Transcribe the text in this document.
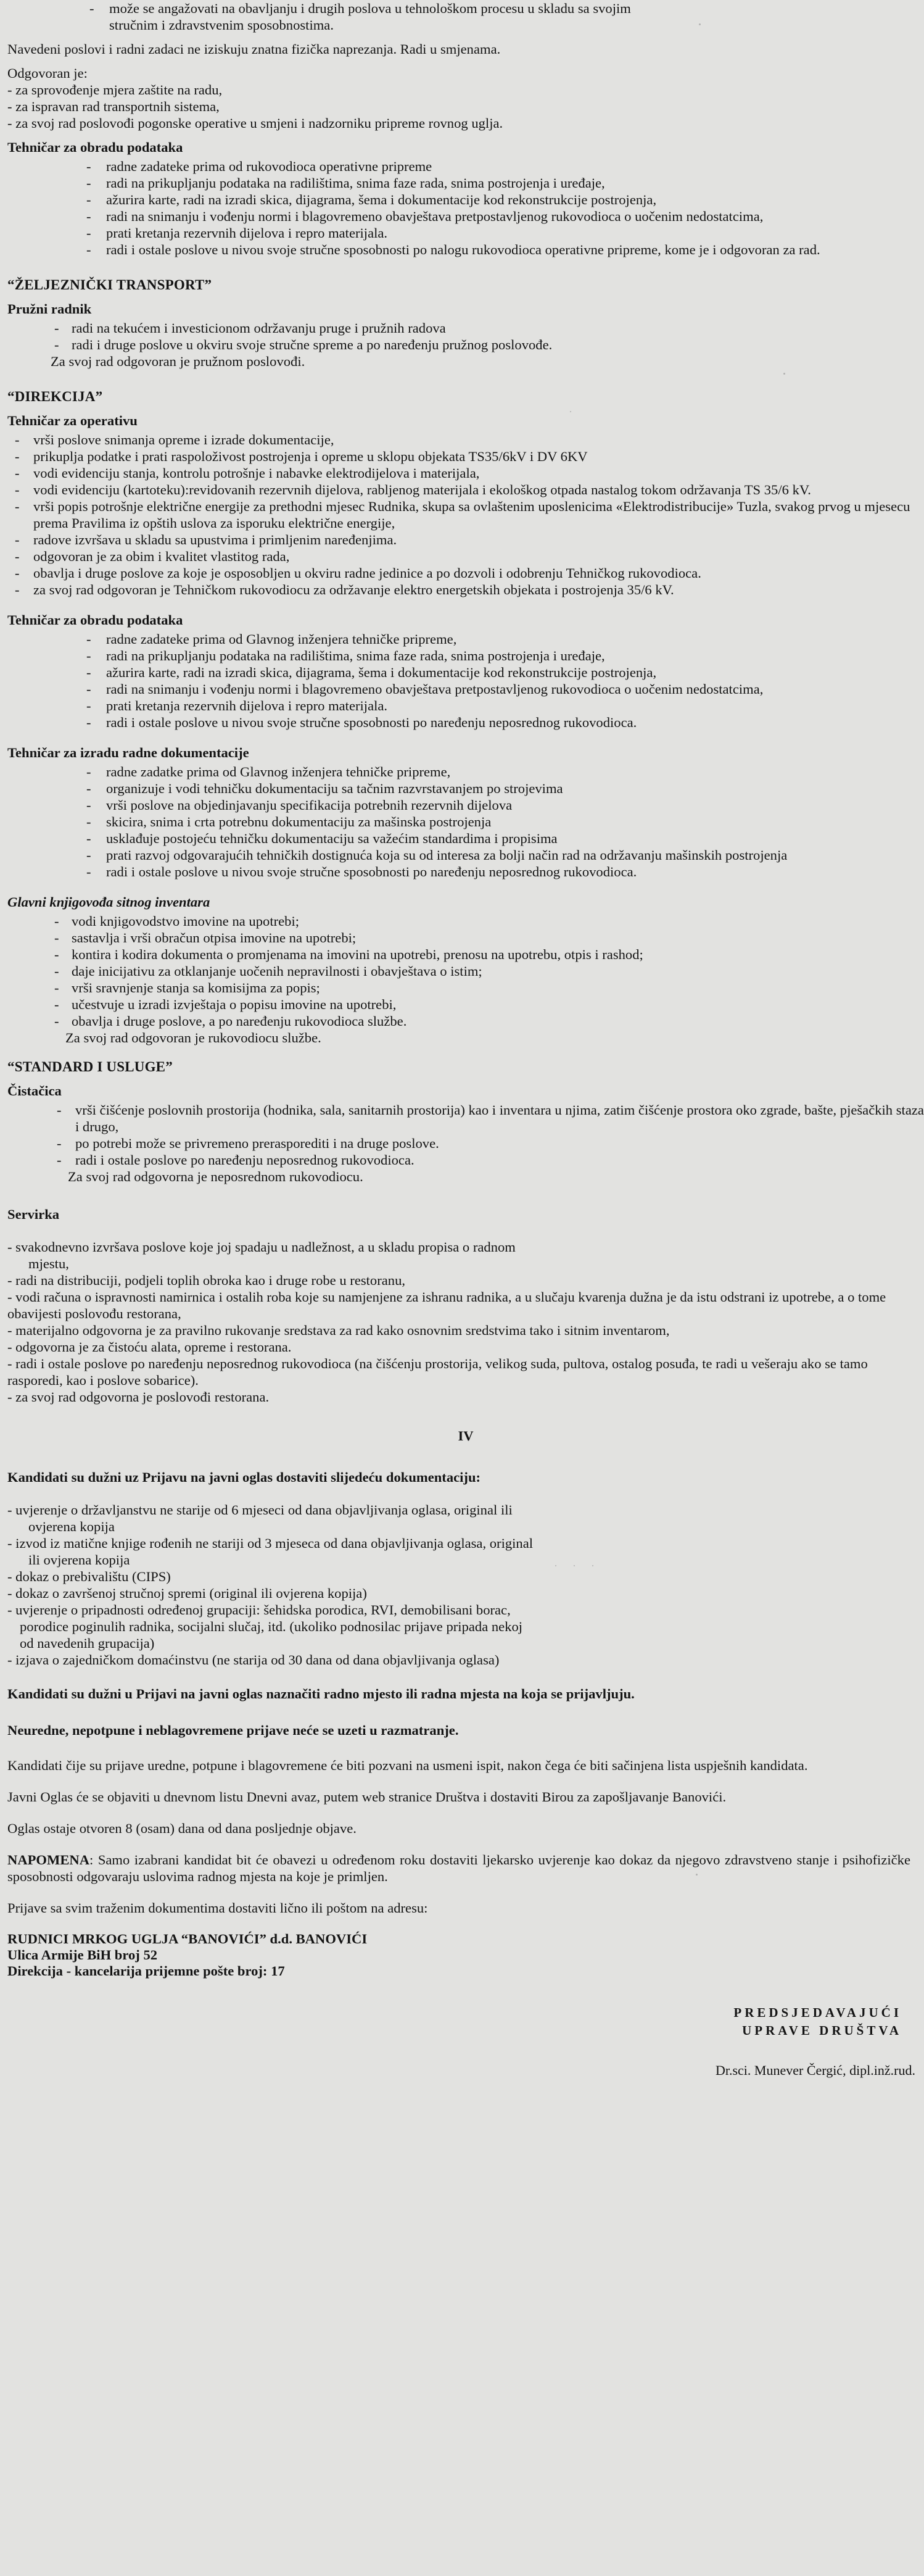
- može se angažovati na obavljanju i drugih poslova u tehnološkom procesu u skladu sa svojim
stručnim i zdravstvenim sposobnostima.

Navedeni poslovi i radni zadaci ne iziskuju znatna fizička naprezanja. Radi u smjenama.

Odgovoran je:

- za sprovođenje mjera zaštite na radu,

- za ispravan rad transportnih sistema,

- za svoj rad poslovođi pogonske operative u smjeni i nadzorniku pripreme rovnog uglja.

Tehničar za obradu podataka

- radne zadateke prima od rukovodioca operativne pripreme
- radi na prikupljanju podataka na radilištima, snima faze rada, snima postrojenja i uređaje,
- ažurira karte, radi na izradi skica, dijagrama, šema i dokumentacije kod rekonstrukcije postrojenja,
- radi na snimanju i vođenju normi i blagovremeno obavještava pretpostavljenog rukovodioca o uočenim nedostatcima,
- prati kretanja rezervnih dijelova i repro materijala.
- radi i ostale poslove u nivou svoje stručne sposobnosti po nalogu rukovodioca operativne pripreme, kome je i odgovoran za rad.

“ŽELJEZNIČKI TRANSPORT”

Pružni radnik

- radi na tekućem i investicionom održavanju pruge i pružnih radova
- radi i druge poslove u okviru svoje stručne spreme a po naređenju pružnog poslovođe.

Za svoj rad odgovoran je pružnom poslovođi.

“DIREKCIJA”

Tehničar za operativu

- vrši poslove snimanja opreme i izrade dokumentacije,
- prikuplja podatke i prati raspoloživost postrojenja i opreme u sklopu objekata TS35/6kV i DV 6KV
- vodi evidenciju stanja, kontrolu potrošnje i nabavke elektrodijelova i materijala,
- vodi evidenciju (kartoteku):revidovanih rezervnih dijelova, rabljenog materijala i ekološkog otpada nastalog tokom održavanja TS 35/6 kV.
- vrši popis potrošnje električne energije za prethodni mjesec Rudnika, skupa sa ovlaštenim uposlenicima «Elektrodistribucije» Tuzla, svakog prvog u mjesecu prema Pravilima iz opštih uslova za isporuku električne energije,
- radove izvršava u skladu sa upustvima i primljenim naređenjima.
- odgovoran je za obim i kvalitet vlastitog rada,
- obavlja i druge poslove za koje je osposobljen u okviru radne jedinice a po dozvoli i odobrenju Tehničkog rukovodioca.
- za svoj rad odgovoran je Tehničkom rukovodiocu za održavanje elektro energetskih objekata i postrojenja 35/6 kV.

Tehničar za obradu podataka

- radne zadateke prima od Glavnog inženjera tehničke pripreme,
- radi na prikupljanju podataka na radilištima, snima faze rada, snima postrojenja i uređaje,
- ažurira karte, radi na izradi skica, dijagrama, šema i dokumentacije kod rekonstrukcije postrojenja,
- radi na snimanju i vođenju normi i blagovremeno obavještava pretpostavljenog rukovodioca o uočenim nedostatcima,
- prati kretanja rezervnih dijelova i repro materijala.
- radi i ostale poslove u nivou svoje stručne sposobnosti po naređenju neposrednog rukovodioca.

Tehničar za izradu radne dokumentacije

- radne zadatke prima od Glavnog inženjera tehničke pripreme,
- organizuje i vodi tehničku dokumentaciju sa tačnim razvrstavanjem po strojevima
- vrši poslove na objedinjavanju specifikacija potrebnih rezervnih dijelova
- skicira, snima i crta potrebnu dokumentaciju za mašinska postrojenja
- usklađuje postojeću tehničku dokumentaciju sa važećim standardima i propisima
- prati razvoj odgovarajućih tehničkih dostignuća koja su od interesa za bolji način rad na održavanju mašinskih postrojenja
- radi i ostale poslove u nivou svoje stručne sposobnosti po naređenju neposrednog rukovodioca.

Glavni knjigovođa sitnog inventara

- vodi knjigovodstvo imovine na upotrebi;
- sastavlja i vrši obračun otpisa imovine na upotrebi;
- kontira i kodira dokumenta o promjenama na imovini na upotrebi, prenosu na upotrebu, otpis i rashod;
- daje inicijativu za otklanjanje uočenih nepravilnosti i obavještava o istim;
- vrši sravnjenje stanja sa komisijma za popis;
- učestvuje u izradi izvještaja o popisu imovine na upotrebi,
- obavlja i druge poslove, a po naređenju rukovodioca službe.

Za svoj rad odgovoran je rukovodiocu službe.

“STANDARD I USLUGE”

Čistačica

- vrši čišćenje poslovnih prostorija (hodnika, sala, sanitarnih prostorija) kao i inventara u njima, zatim čišćenje prostora oko zgrade, bašte, pješačkih staza i drugo,
- po potrebi može se privremeno prerasporediti i na druge poslove.
- radi i ostale poslove po naređenju neposrednog rukovodioca.

Za svoj rad odgovorna je neposrednom rukovodiocu.

Servirka

- svakodnevno izvršava poslove koje joj spadaju u nadležnost, a u skladu propisa o radnom
mjestu,

- radi na distribuciji, podjeli toplih obroka kao i druge robe u restoranu,

- vodi računa o ispravnosti namirnica i ostalih roba koje su namjenjene za ishranu radnika, a u slučaju kvarenja dužna je da istu odstrani iz upotrebe, a o tome obavijesti poslovođu restorana,

- materijalno odgovorna je za pravilno rukovanje sredstava za rad kako osnovnim sredstvima tako i sitnim inventarom,

- odgovorna je za čistoću alata, opreme i restorana.

- radi i ostale poslove po naređenju neposrednog rukovodioca (na čišćenju prostorija, velikog suda, pultova, ostalog posuđa, te radi u vešeraju ako se tamo rasporedi, kao i poslove sobarice).

- za svoj rad odgovorna je poslovođi restorana.

IV

Kandidati su dužni uz Prijavu na javni oglas dostaviti slijedeću dokumentaciju:

- uvjerenje o državljanstvu ne starije od 6 mjeseci od dana objavljivanja oglasa, original ili
ovjerena kopija

- izvod iz matične knjige rođenih ne stariji od 3 mjeseca od dana objavljivanja oglasa, original
ili ovjerena kopija

- dokaz o prebivalištu (CIPS)

- dokaz o završenoj stručnoj spremi (original ili ovjerena kopija)

- uvjerenje o pripadnosti određenoj grupaciji: šehidska porodica, RVI, demobilisani borac,
porodice poginulih radnika, socijalni slučaj, itd. (ukoliko podnosilac prijave pripada nekoj
od navedenih grupacija)

- izjava o zajedničkom domaćinstvu (ne starija od 30 dana od dana objavljivanja oglasa)

Kandidati su dužni u Prijavi na javni oglas naznačiti radno mjesto ili radna mjesta na koja se prijavljuju.

Neuredne, nepotpune i neblagovremene prijave neće se uzeti u razmatranje.

Kandidati čije su prijave uredne, potpune i blagovremene će biti pozvani na usmeni ispit, nakon čega će biti sačinjena lista uspješnih kandidata.

Javni Oglas će se objaviti u dnevnom listu Dnevni avaz, putem web stranice Društva i dostaviti Birou za zapošljavanje Banovići.

Oglas ostaje otvoren 8 (osam) dana od dana posljednje objave.

NAPOMENA: Samo izabrani kandidat bit će obavezi u određenom roku dostaviti ljekarsko uvjerenje kao dokaz da njegovo zdravstveno stanje i psihofizičke sposobnosti odgovaraju uslovima radnog mjesta na koje je primljen.

Prijave sa svim traženim dokumentima dostaviti lično ili poštom na adresu:

RUDNICI MRKOG UGLJA “BANOVIĆI” d.d. BANOVIĆI

Ulica Armije BiH broj 52

Direkcija - kancelarija prijemne pošte broj: 17

PREDSJEDAVAJUĆI

UPRAVE DRUŠTVA

Dr.sci. Munever Čergić, dipl.inž.rud.
